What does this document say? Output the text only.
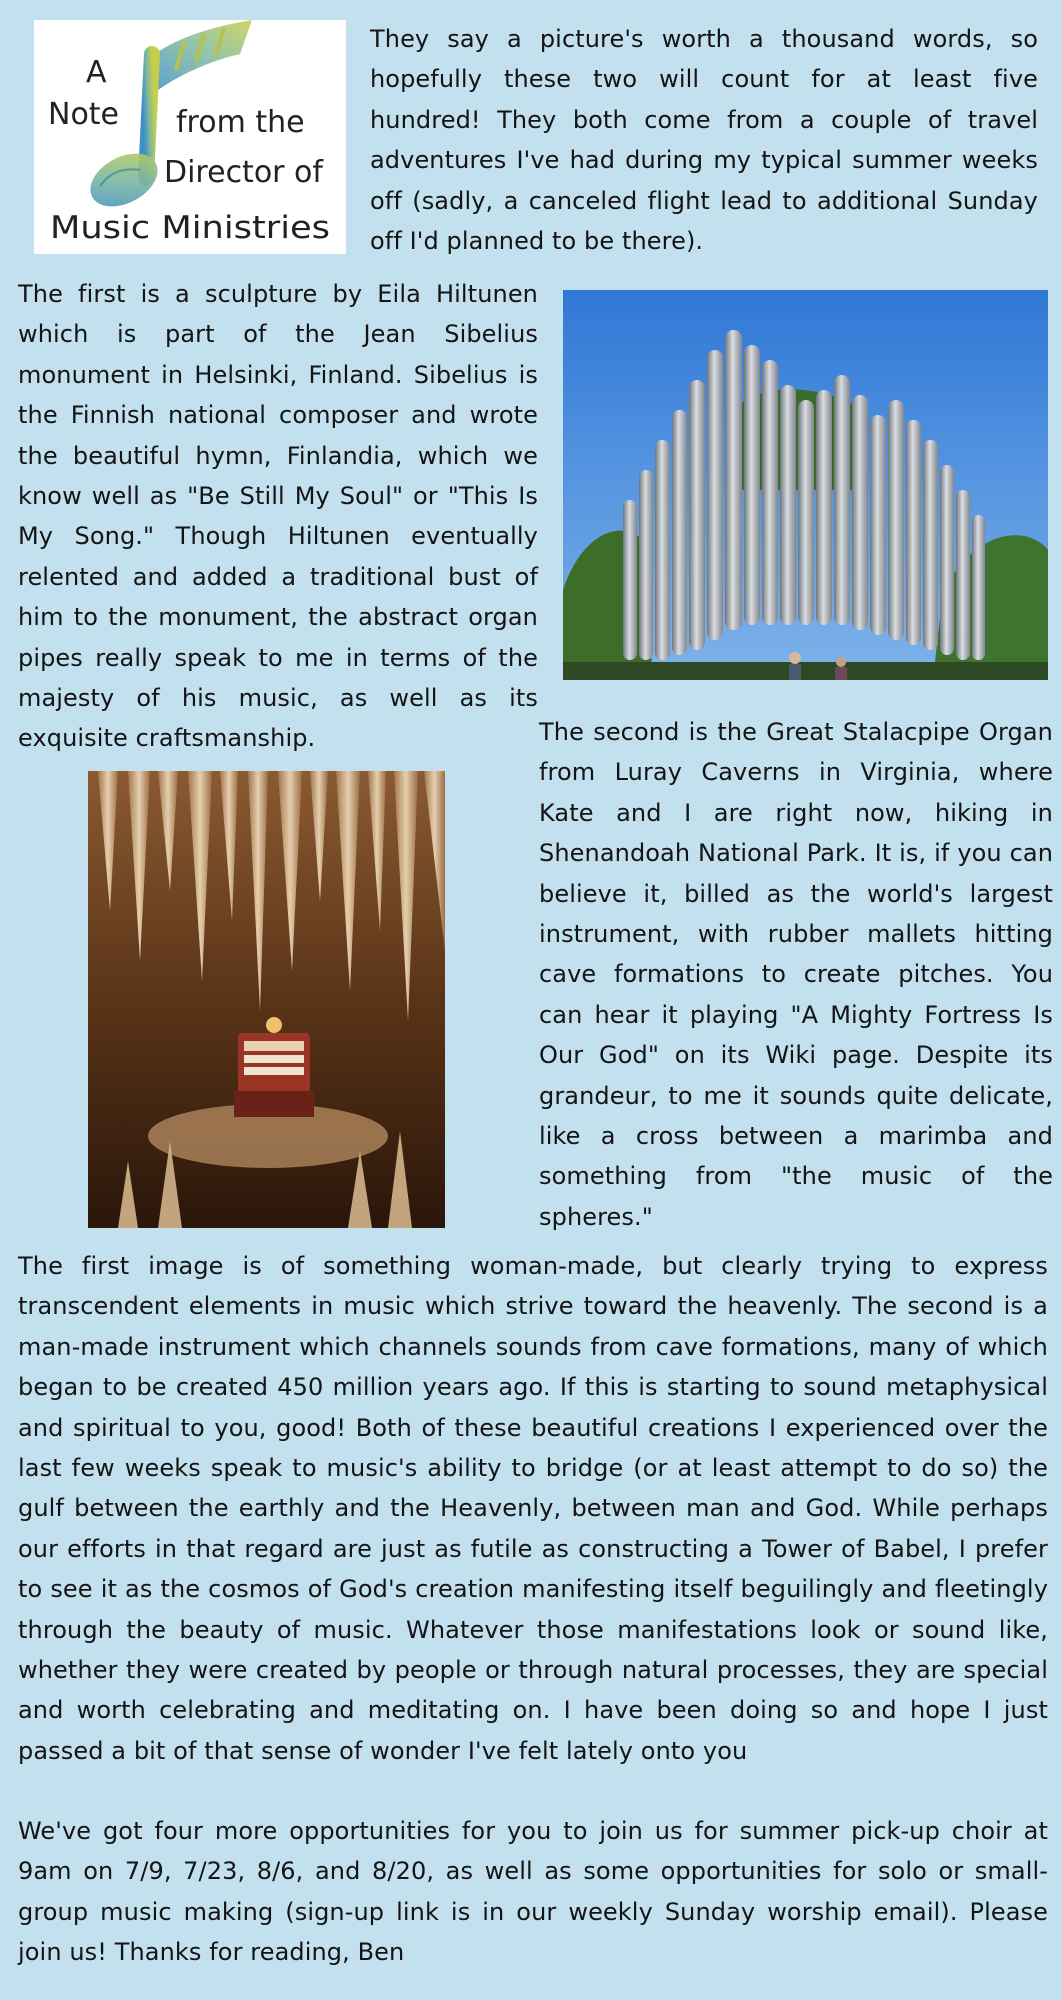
A
Note from the
Director of
Music Ministries
They say a picture's worth a thousand words, so hopefully these two will count for at least five hundred! They both come from a couple of travel adventures I've had during my typical summer weeks off (sadly, a canceled flight lead to additional Sunday off I'd planned to be there).
The first is a sculpture by Eila Hiltunen which is part of the Jean Sibelius monument in Helsinki, Finland. Sibelius is the Finnish national composer and wrote the beautiful hymn, Finlandia, which we know well as "Be Still My Soul" or "This Is My Song." Though Hiltunen eventually relented and added a traditional bust of him to the monument, the abstract organ pipes really speak to me in terms of the majesty of his music, as well as its exquisite craftsmanship.	The second is the Great Stalacpipe Organ from Luray Caverns in Virginia, where Kate and I are right now, hiking in Shenandoah National Park. It is, if you can believe it, billed as the world's largest instrument, with rubber mallets hitting cave formations to create pitches. You can hear it playing "A Mighty Fortress Is Our God" on its Wiki page. Despite its grandeur, to me it sounds quite delicate, like a cross between a marimba and something from "the music of the spheres."
The first image is of something woman-made, but clearly trying to express transcendent elements in music which strive toward the heavenly. The second is a man-made instrument which channels sounds from cave formations, many of which began to be created 450 million years ago. If this is starting to sound metaphysical and spiritual to you, good! Both of these beautiful creations I experienced over the last few weeks speak to music's ability to bridge (or at least attempt to do so) the gulf between the earthly and the Heavenly, between man and God. While perhaps our efforts in that regard are just as futile as constructing a Tower of Babel, I prefer to see it as the cosmos of God's creation manifesting itself beguilingly and fleetingly through the beauty of music. Whatever those manifestations look or sound like, whether they were created by people or through natural processes, they are special and worth celebrating and meditating on. I have been doing so and hope I just passed a bit of that sense of wonder I've felt lately onto you
We've got four more opportunities for you to join us for summer pick-up choir at 9am on 7/9, 7/23, 8/6, and 8/20, as well as some opportunities for solo or small-group music making (sign-up link is in our weekly Sunday worship email). Please join us! Thanks for reading, Ben
